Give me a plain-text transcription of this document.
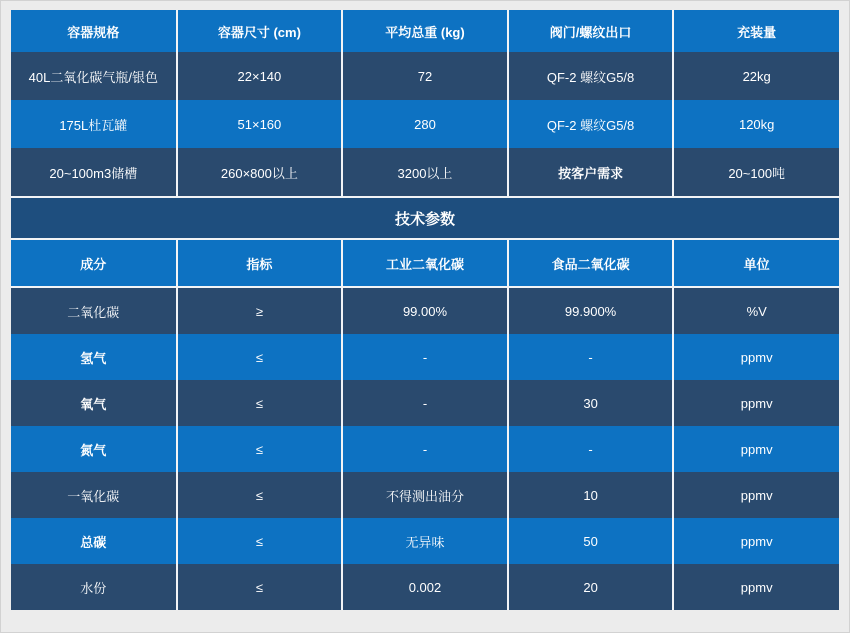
容器规格	容器尺寸 (cm)	平均总重 (kg)	阀门/螺纹出口	充装量
40L二氧化碳气瓶/银色	22×140	72	QF-2 螺纹G5/8	22kg
175L杜瓦罐	51×160	280	QF-2 螺纹G5/8	120kg
20~100m3储槽	260×800以上	3200以上	按客户需求	20~100吨
技术参数
成分	指标	工业二氧化碳	食品二氧化碳	单位
二氧化碳	≥	99.00%	99.900%	%V
氢气	≤	-	-	ppmv
氧气	≤	-	30	ppmv
氮气	≤	-	-	ppmv
一氧化碳	≤	不得测出油分	10	ppmv
总碳	≤	无异味	50	ppmv
水份	≤	0.002	20	ppmv
